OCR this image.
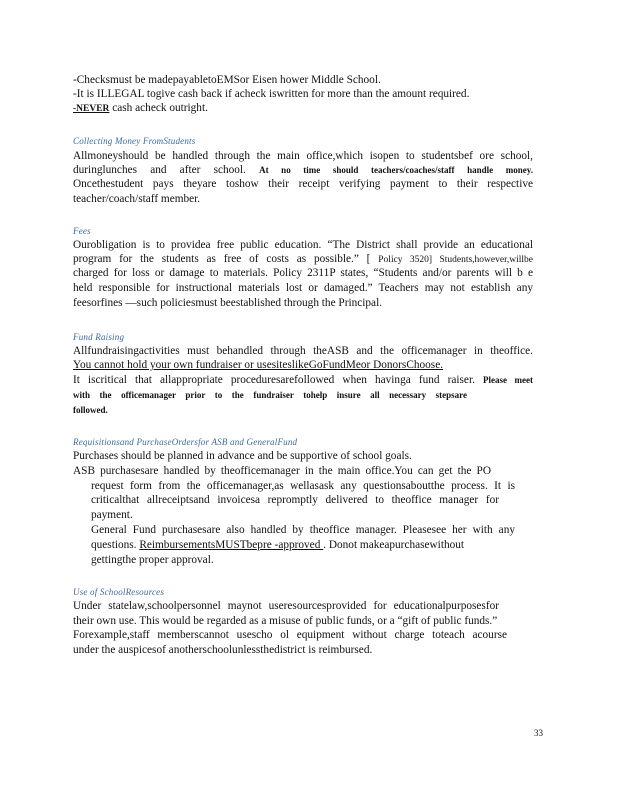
-Checksmust be madepayabletoEMSor Eisen hower Middle School.

-It is ILLEGAL togive cash back if acheck iswritten for more than the amount required.

-NEVER cash acheck outright.

Collecting Money FromStudents

Allmoneyshould be handled through the main office,which isopen to studentsbef ore school,

duringlunches and after school. At no time should teachers/coaches/staff handle money.

Oncethestudent pays theyare toshow their receipt verifying payment to their respective

teacher/coach/staff member.

Fees

Ourobligation is to providea free public education. “The District shall provide an educational

program for the students as free of costs as possible.” [ Policy 3520] Students,however,willbe

charged for loss or damage to materials. Policy 2311P states, “Students and/or parents will b e

held responsible for instructional materials lost or damaged.” Teachers may not establish any

feesorfines —such policiesmust beestablished through the Principal.

Fund Raising

Allfundraisingactivities must behandled through theASB and the officemanager in theoffice.

You cannot hold your own fundraiser or usesiteslikeGoFundMeor DonorsChoose.

It iscritical that allappropriate proceduresarefollowed when havinga fund raiser. Please meet

with the officemanager prior to the fundraiser tohelp insure all necessary stepsare

followed.

Requisitionsand PurchaseOrdersfor ASB and GeneralFund

Purchases should be planned in advance and be supportive of school goals.

ASB purchasesare handled by theofficemanager in the main office.You can get the PO

request form from the officemanager,as wellasask any questionsaboutthe process. It is

criticalthat allreceiptsand invoicesa repromptly delivered to theoffice manager for

payment.

General Fund purchasesare also handled by theoffice manager. Pleasesee her with any

questions. ReimbursementsMUSTbepre -approved . Donot makeapurchasewithout

gettingthe proper approval.

Use of SchoolResources

Under statelaw,schoolpersonnel maynot useresourcesprovided for educationalpurposesfor

their own use. This would be regarded as a misuse of public funds, or a “gift of public funds.”

Forexample,staff memberscannot usescho ol equipment without charge toteach acourse

under the auspicesof anotherschoolunlessthedistrict is reimbursed.

33
